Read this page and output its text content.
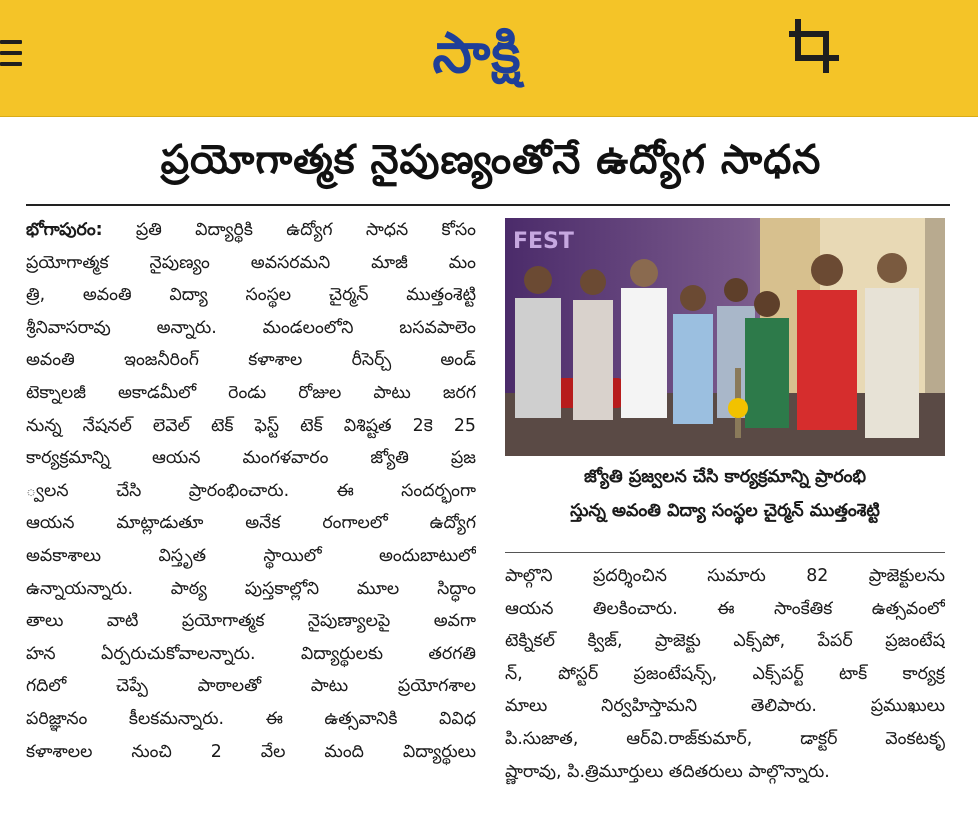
సాక్షి
ప్రయోగాత్మక నైపుణ్యంతోనే ఉద్యోగ సాధన

భోగాపురం: ప్రతి విద్యార్థికి ఉద్యోగ సాధన కోసం

ప్రయోగాత్మక నైపుణ్యం అవసరమని మాజీ మం

త్రి, అవంతి విద్యా సంస్థల చైర్మన్ ముత్తంశెట్టి

శ్రీనివాసరావు అన్నారు. మండలంలోని బసవపాలెం

అవంతి ఇంజనీరింగ్ కళాశాల రీసెర్చ్ అండ్

టెక్నాలజీ అకాడమీలో రెండు రోజుల పాటు జరగ

నున్న నేషనల్ లెవెల్ టెక్ ఫెస్ట్ టెక్ విశిష్టత 2కె 25

కార్యక్రమాన్ని ఆయన మంగళవారం జ్యోతి ప్రజ

్వలన చేసి ప్రారంభించారు. ఈ సందర్భంగా

ఆయన మాట్లాడుతూ అనేక రంగాలలో ఉద్యోగ

అవకాశాలు విస్తృత స్థాయిలో అందుబాటులో

ఉన్నాయన్నారు. పాఠ్య పుస్తకాల్లోని మూల సిద్ధాం

తాలు వాటి ప్రయోగాత్మక నైపుణ్యాలపై అవగా

హన ఏర్పరుచుకోవాలన్నారు. విద్యార్థులకు తరగతి

గదిలో చెప్పే పాఠాలతో పాటు ప్రయోగశాల

పరిజ్ఞానం కీలకమన్నారు. ఈ ఉత్సవానికి వివిధ

కళాశాలల నుంచి 2 వేల మంది విద్యార్థులు

FEST
జ్యోతి ప్రజ్వలన చేసి కార్యక్రమాన్ని ప్రారంభి
స్తున్న అవంతి విద్యా సంస్థల చైర్మన్ ముత్తంశెట్టి

పాల్గొని ప్రదర్శించిన సుమారు 82 ప్రాజెక్టులను

ఆయన తిలకించారు. ఈ సాంకేతిక ఉత్సవంలో

టెక్నికల్ క్విజ్, ప్రాజెక్టు ఎక్స్‌పో, పేపర్ ప్రజంటేష

న్, పోస్టర్ ప్రజంటేషన్స్, ఎక్స్‌పర్ట్ టాక్ కార్యక్ర

మాలు నిర్వహిస్తామని తెలిపారు. ప్రముఖులు

పి.సుజాత, ఆర్‌వి.రాజ్‌కుమార్, డాక్టర్ వెంకటకృ

ష్ణారావు, పి.త్రిమూర్తులు తదితరులు పాల్గొన్నారు.
